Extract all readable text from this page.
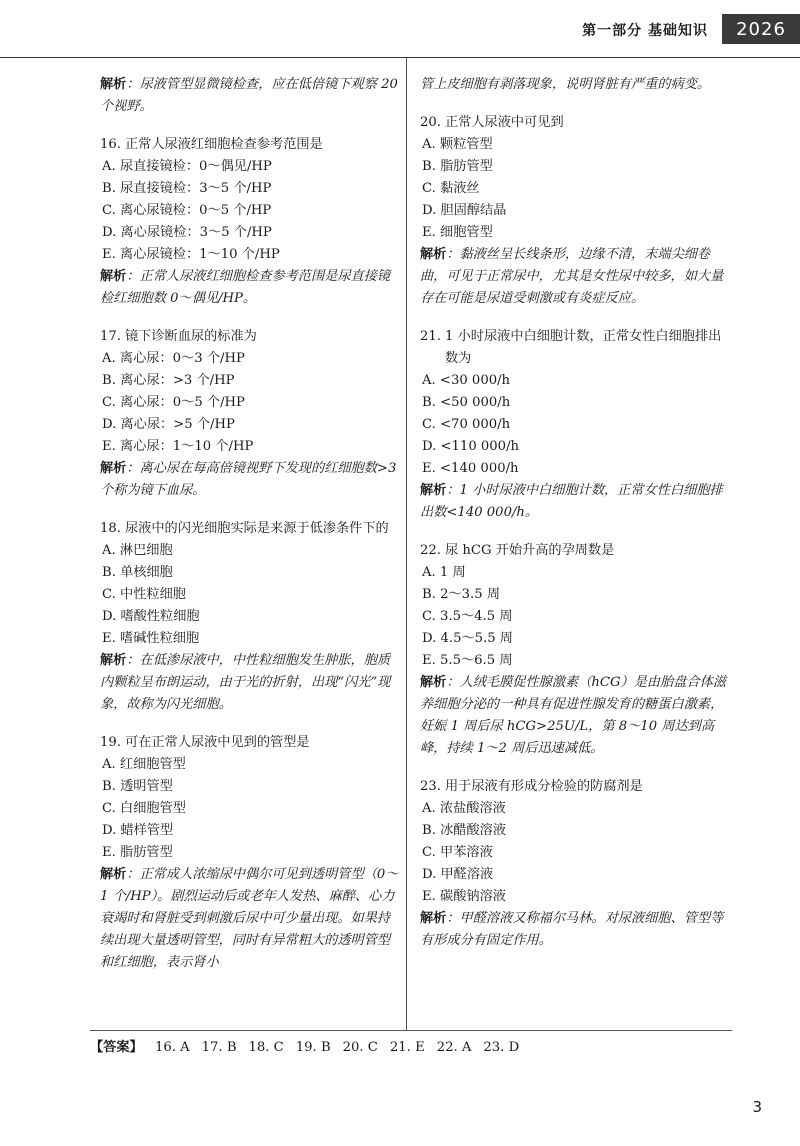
第一部分 基础知识	2026
解析：尿液管型显微镜检查，应在低倍镜下观察 20 个视野。
16. 正常人尿液红细胞检查参考范围是
A. 尿直接镜检：0～偶见/HP
B. 尿直接镜检：3～5 个/HP
C. 离心尿镜检：0～5 个/HP
D. 离心尿镜检：3～5 个/HP
E. 离心尿镜检：1～10 个/HP
解析：正常人尿液红细胞检查参考范围是尿直接镜检红细胞数 0～偶见/HP。
17. 镜下诊断血尿的标准为
A. 离心尿：0～3 个/HP
B. 离心尿：>3 个/HP
C. 离心尿：0～5 个/HP
D. 离心尿：>5 个/HP
E. 离心尿：1～10 个/HP
解析：离心尿在每高倍镜视野下发现的红细胞数>3 个称为镜下血尿。
18. 尿液中的闪光细胞实际是来源于低渗条件下的
A. 淋巴细胞
B. 单核细胞
C. 中性粒细胞
D. 嗜酸性粒细胞
E. 嗜碱性粒细胞
解析：在低渗尿液中，中性粒细胞发生肿胀，胞质内颗粒呈布朗运动，由于光的折射，出现“闪光”现象，故称为闪光细胞。
19. 可在正常人尿液中见到的管型是
A. 红细胞管型
B. 透明管型
C. 白细胞管型
D. 蜡样管型
E. 脂肪管型
解析：正常成人浓缩尿中偶尔可见到透明管型（0～1 个/HP）。剧烈运动后或老年人发热、麻醉、心力衰竭时和肾脏受到刺激后尿中可少量出现。如果持续出现大量透明管型，同时有异常粗大的透明管型和红细胞，表示肾小
管上皮细胞有剥落现象，说明肾脏有严重的病变。
20. 正常人尿液中可见到
A. 颗粒管型
B. 脂肪管型
C. 黏液丝
D. 胆固醇结晶
E. 细胞管型
解析：黏液丝呈长线条形，边缘不清，末端尖细卷曲，可见于正常尿中，尤其是女性尿中较多，如大量存在可能是尿道受刺激或有炎症反应。
21. 1 小时尿液中白细胞计数，正常女性白细胞排出数为
A. <30 000/h
B. <50 000/h
C. <70 000/h
D. <110 000/h
E. <140 000/h
解析：1 小时尿液中白细胞计数，正常女性白细胞排出数<140 000/h。
22. 尿 hCG 开始升高的孕周数是
A. 1 周
B. 2～3.5 周
C. 3.5～4.5 周
D. 4.5～5.5 周
E. 5.5～6.5 周
解析：人绒毛膜促性腺激素（hCG）是由胎盘合体滋养细胞分泌的一种具有促进性腺发育的糖蛋白激素，妊娠 1 周后尿 hCG>25U/L，第 8～10 周达到高峰，持续 1～2 周后迅速减低。
23. 用于尿液有形成分检验的防腐剂是
A. 浓盐酸溶液
B. 冰醋酸溶液
C. 甲苯溶液
D. 甲醛溶液
E. 碳酸钠溶液
解析：甲醛溶液又称福尔马林。对尿液细胞、管型等有形成分有固定作用。
【答案】 16. A 17. B 18. C 19. B 20. C 21. E 22. A 23. D
3
